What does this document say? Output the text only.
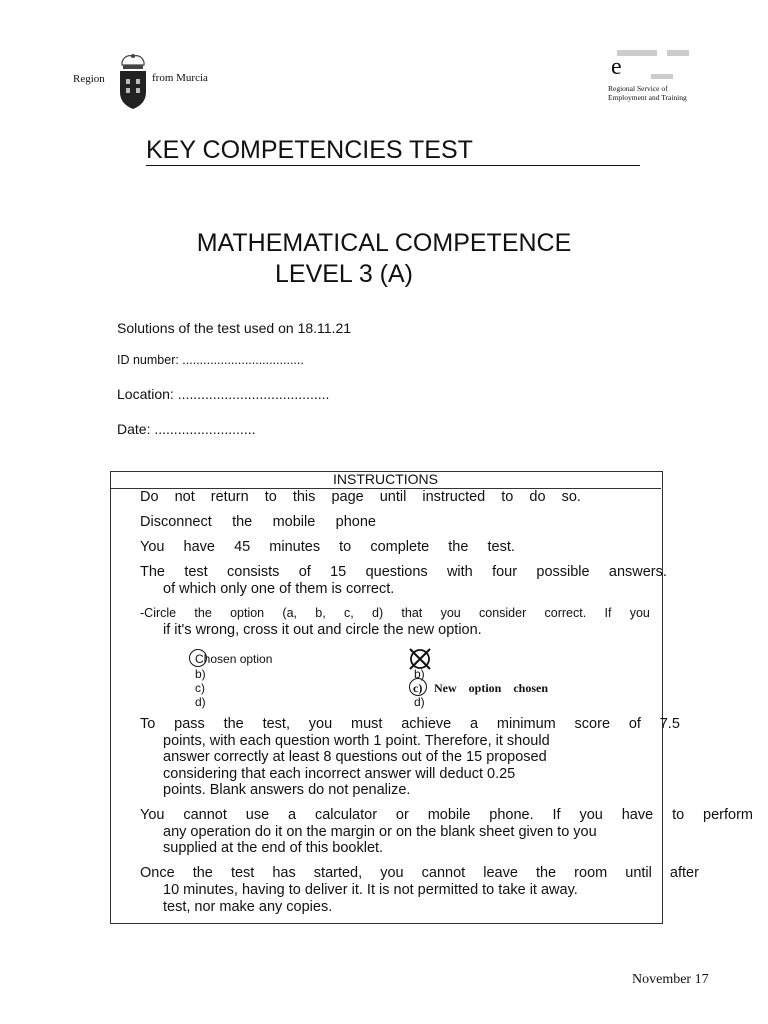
Region	from Murcia	e
Regional Service of
Employment and Training
KEY COMPETENCIES TEST
MATHEMATICAL COMPETENCE
LEVEL 3 (A)
Solutions of the test used on 18.11.21
ID number: ...................................
Location: .......................................
Date: ..........................
INSTRUCTIONS
Do not return to this page until instructed to do so.
Disconnect the mobile phone
You have 45 minutes to complete the test.
The test consists of 15 questions with four possible answers.
of which only one of them is correct.
-Circle the option (a, b, c, d) that you consider correct. If you
if it's wrong, cross it out and circle the new option.
Chosen option
b)
c)
d)
b)
c) New    option    chosen
d)
To pass the test, you must achieve a minimum score of 7.5
points, with each question worth 1 point. Therefore, it should
answer correctly at least 8 questions out of the 15 proposed
considering that each incorrect answer will deduct 0.25
points. Blank answers do not penalize.
You cannot use a calculator or mobile phone. If you have to perform
any operation do it on the margin or on the blank sheet given to you
supplied at the end of this booklet.
Once the test has started, you cannot leave the room until after
10 minutes, having to deliver it. It is not permitted to take it away.
test, nor make any copies.
November 17
